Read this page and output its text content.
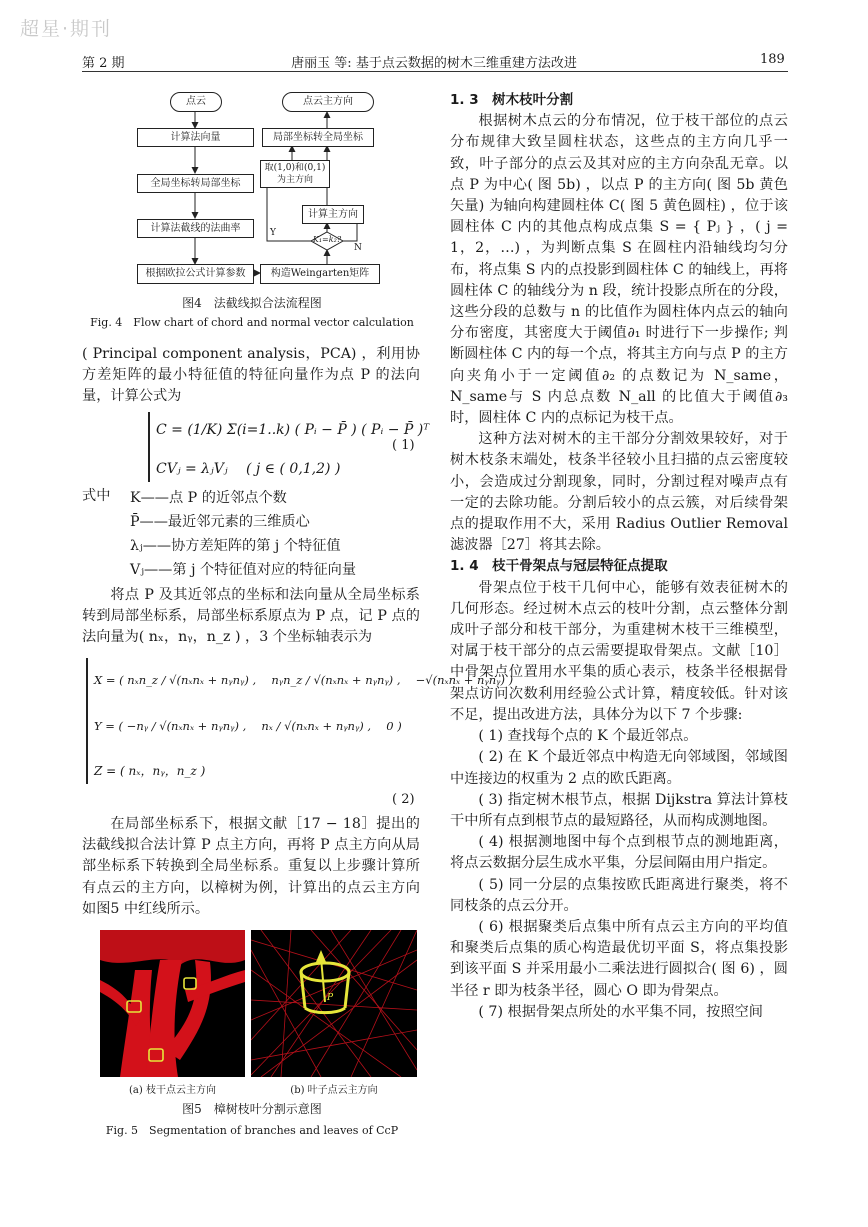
超星·期刊
第 2 期	唐丽玉 等: 基于点云数据的树木三维重建方法改进	189
点云
计算法向量
全局坐标转局部坐标
计算法截线的法曲率
根据欧拉公式计算参数
点云主方向
局部坐标转全局坐标
取(1,0)和(0,1)为主方向
计算主方向
K₁=k₂?
Y
N
构造Weingarten矩阵
图4　法截线拟合法流程图
Fig. 4　Flow chart of chord and normal vector calculation

( Principal component analysis，PCA) ，利用协方差矩阵的最小特征值的特征向量作为点 P 的法向量，计算公式为

C = (1/K) Σ(i=1..k) ( Pᵢ − P̄ ) ( Pᵢ − P̄ )ᵀ
CVⱼ = λⱼVⱼ　 ( j ∈ ( 0,1,2) )
( 1)
式中	K——点 P 的近邻点个数
P̄——最近邻元素的三维质心
λⱼ——协方差矩阵的第 j 个特征值
Vⱼ——第 j 个特征值对应的特征向量

将点 P 及其近邻点的坐标和法向量从全局坐标系转到局部坐标系，局部坐标系原点为 P 点，记 P 点的法向量为( nₓ，nᵧ，n_z ) ，3 个坐标轴表示为

X = ( nₓn_z / √(nₓnₓ + nᵧnᵧ) ,　 nᵧn_z / √(nₓnₓ + nᵧnᵧ) ,　 −√(nₓnₓ + nᵧnᵧ) )
Y = ( −nᵧ / √(nₓnₓ + nᵧnᵧ) ,　 nₓ / √(nₓnₓ + nᵧnᵧ) ,　 0 )
Z = ( nₓ，nᵧ，n_z )
( 2)

在局部坐标系下，根据文献［17 − 18］提出的法截线拟合法计算 P 点主方向，再将 P 点主方向从局部坐标系下转换到全局坐标系。重复以上步骤计算所有点云的主方向，以樟树为例，计算出的点云主方向如图5 中红线所示。

P
(a) 枝干点云主方向	(b) 叶子点云主方向
图5　樟树枝叶分割示意图
Fig. 5　Segmentation of branches and leaves of CcP

1. 3　树木枝叶分割

根据树木点云的分布情况，位于枝干部位的点云分布规律大致呈圆柱状态，这些点的主方向几乎一致，叶子部分的点云及其对应的主方向杂乱无章。以点 P 为中心( 图 5b) ，以点 P 的主方向( 图 5b 黄色矢量) 为轴向构建圆柱体 C( 图 5 黄色圆柱) ，位于该圆柱体 C 内的其他点构成点集 S = { Pⱼ } ，( j = 1，2，…) ，为判断点集 S 在圆柱内沿轴线均匀分布，将点集 S 内的点投影到圆柱体 C 的轴线上，再将圆柱体 C 的轴线分为 n 段，统计投影点所在的分段，这些分段的总数与 n 的比值作为圆柱体内点云的轴向分布密度，其密度大于阈值∂₁ 时进行下一步操作; 判断圆柱体 C 内的每一个点，将其主方向与点 P 的主方向夹角小于一定阈值∂₂ 的点数记为 N_same，N_same与 S 内总点数 N_all 的比值大于阈值∂₃ 时，圆柱体 C 内的点标记为枝干点。

这种方法对树木的主干部分分割效果较好，对于树木枝条末端处，枝条半径较小且扫描的点云密度较小，会造成过分割现象，同时，分割过程对噪声点有一定的去除功能。分割后较小的点云簇，对后续骨架点的提取作用不大，采用 Radius Outlier Removal 滤波器［27］将其去除。

1. 4　枝干骨架点与冠层特征点提取

骨架点位于枝干几何中心，能够有效表征树木的几何形态。经过树木点云的枝叶分割，点云整体分割成叶子部分和枝干部分，为重建树木枝干三维模型，对属于枝干部分的点云需要提取骨架点。文献［10］中骨架点位置用水平集的质心表示，枝条半径根据骨架点访问次数利用经验公式计算，精度较低。针对该不足，提出改进方法，具体分为以下 7 个步骤:

( 1) 查找每个点的 K 个最近邻点。

( 2) 在 K 个最近邻点中构造无向邻域图，邻域图中连接边的权重为 2 点的欧氏距离。

( 3) 指定树木根节点，根据 Dijkstra 算法计算枝干中所有点到根节点的最短路径，从而构成测地图。

( 4) 根据测地图中每个点到根节点的测地距离，将点云数据分层生成水平集，分层间隔由用户指定。

( 5) 同一分层的点集按欧氏距离进行聚类，将不同枝条的点云分开。

( 6) 根据聚类后点集中所有点云主方向的平均值和聚类后点集的质心构造最优切平面 S，将点集投影到该平面 S 并采用最小二乘法进行圆拟合( 图 6) ，圆半径 r 即为枝条半径，圆心 O 即为骨架点。

( 7) 根据骨架点所处的水平集不同，按照空间
